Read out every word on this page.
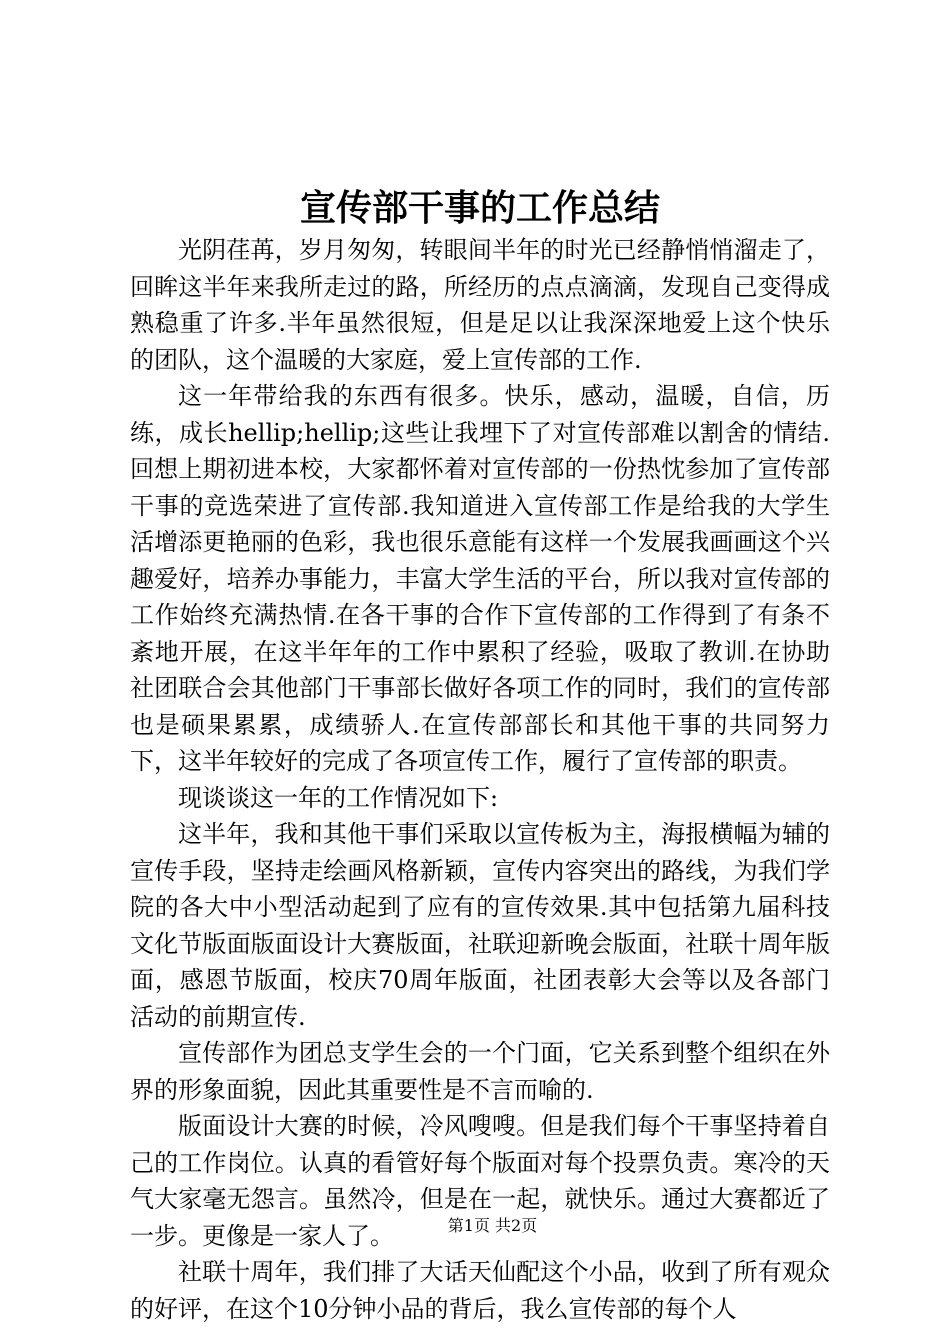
宣传部干事的工作总结

光阴荏苒，岁月匆匆，转眼间半年的时光已经静悄悄溜走了，回眸这半年来我所走过的路，所经历的点点滴滴，发现自己变得成熟稳重了许多.半年虽然很短，但是足以让我深深地爱上这个快乐的团队，这个温暖的大家庭，爱上宣传部的工作.

这一年带给我的东西有很多。快乐，感动，温暖，自信，历练，成长hellip;hellip;这些让我埋下了对宣传部难以割舍的情结.回想上期初进本校，大家都怀着对宣传部的一份热忱参加了宣传部干事的竞选荣进了宣传部.我知道进入宣传部工作是给我的大学生活增添更艳丽的色彩，我也很乐意能有这样一个发展我画画这个兴趣爱好，培养办事能力，丰富大学生活的平台，所以我对宣传部的工作始终充满热情.在各干事的合作下宣传部的工作得到了有条不紊地开展，在这半年年的工作中累积了经验，吸取了教训.在协助社团联合会其他部门干事部长做好各项工作的同时，我们的宣传部也是硕果累累，成绩骄人.在宣传部部长和其他干事的共同努力下，这半年较好的完成了各项宣传工作，履行了宣传部的职责。

现谈谈这一年的工作情况如下:

这半年，我和其他干事们采取以宣传板为主，海报横幅为辅的宣传手段，坚持走绘画风格新颖，宣传内容突出的路线，为我们学院的各大中小型活动起到了应有的宣传效果.其中包括第九届科技文化节版面版面设计大赛版面，社联迎新晚会版面，社联十周年版面，感恩节版面，校庆70周年版面，社团表彰大会等以及各部门活动的前期宣传.

宣传部作为团总支学生会的一个门面，它关系到整个组织在外界的形象面貌，因此其重要性是不言而喻的.

版面设计大赛的时候，冷风嗖嗖。但是我们每个干事坚持着自己的工作岗位。认真的看管好每个版面对每个投票负责。寒冷的天气大家毫无怨言。虽然冷，但是在一起，就快乐。通过大赛都近了一步。更像是一家人了。

社联十周年，我们排了大话天仙配这个小品，收到了所有观众的好评，在这个10分钟小品的背后，我么宣传部的每个人

第1页 共2页
